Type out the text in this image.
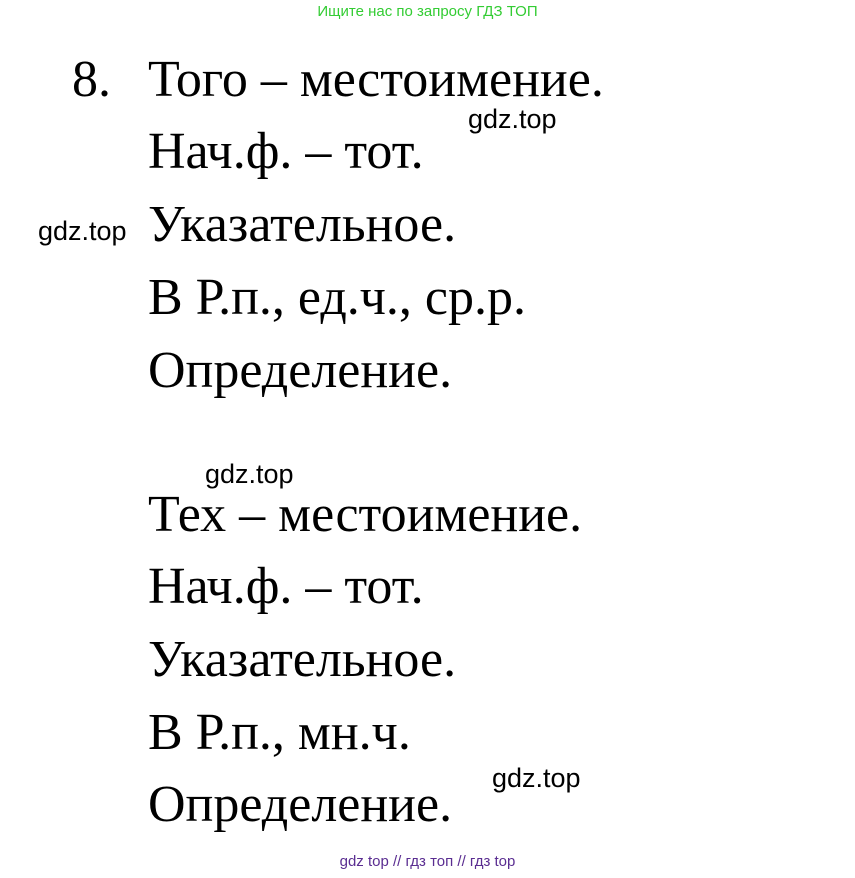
Ищите нас по запросу ГДЗ ТОП
8. Того – местоимение.
Нач.ф. – тот.
Указательное.
В Р.п., ед.ч., ср.р.
Определение.
Тех – местоимение.
Нач.ф. – тот.
Указательное.
В Р.п., мн.ч.
Определение.
gdz.top
gdz.top
gdz.top
gdz.top
gdz top // гдз топ // гдз top
